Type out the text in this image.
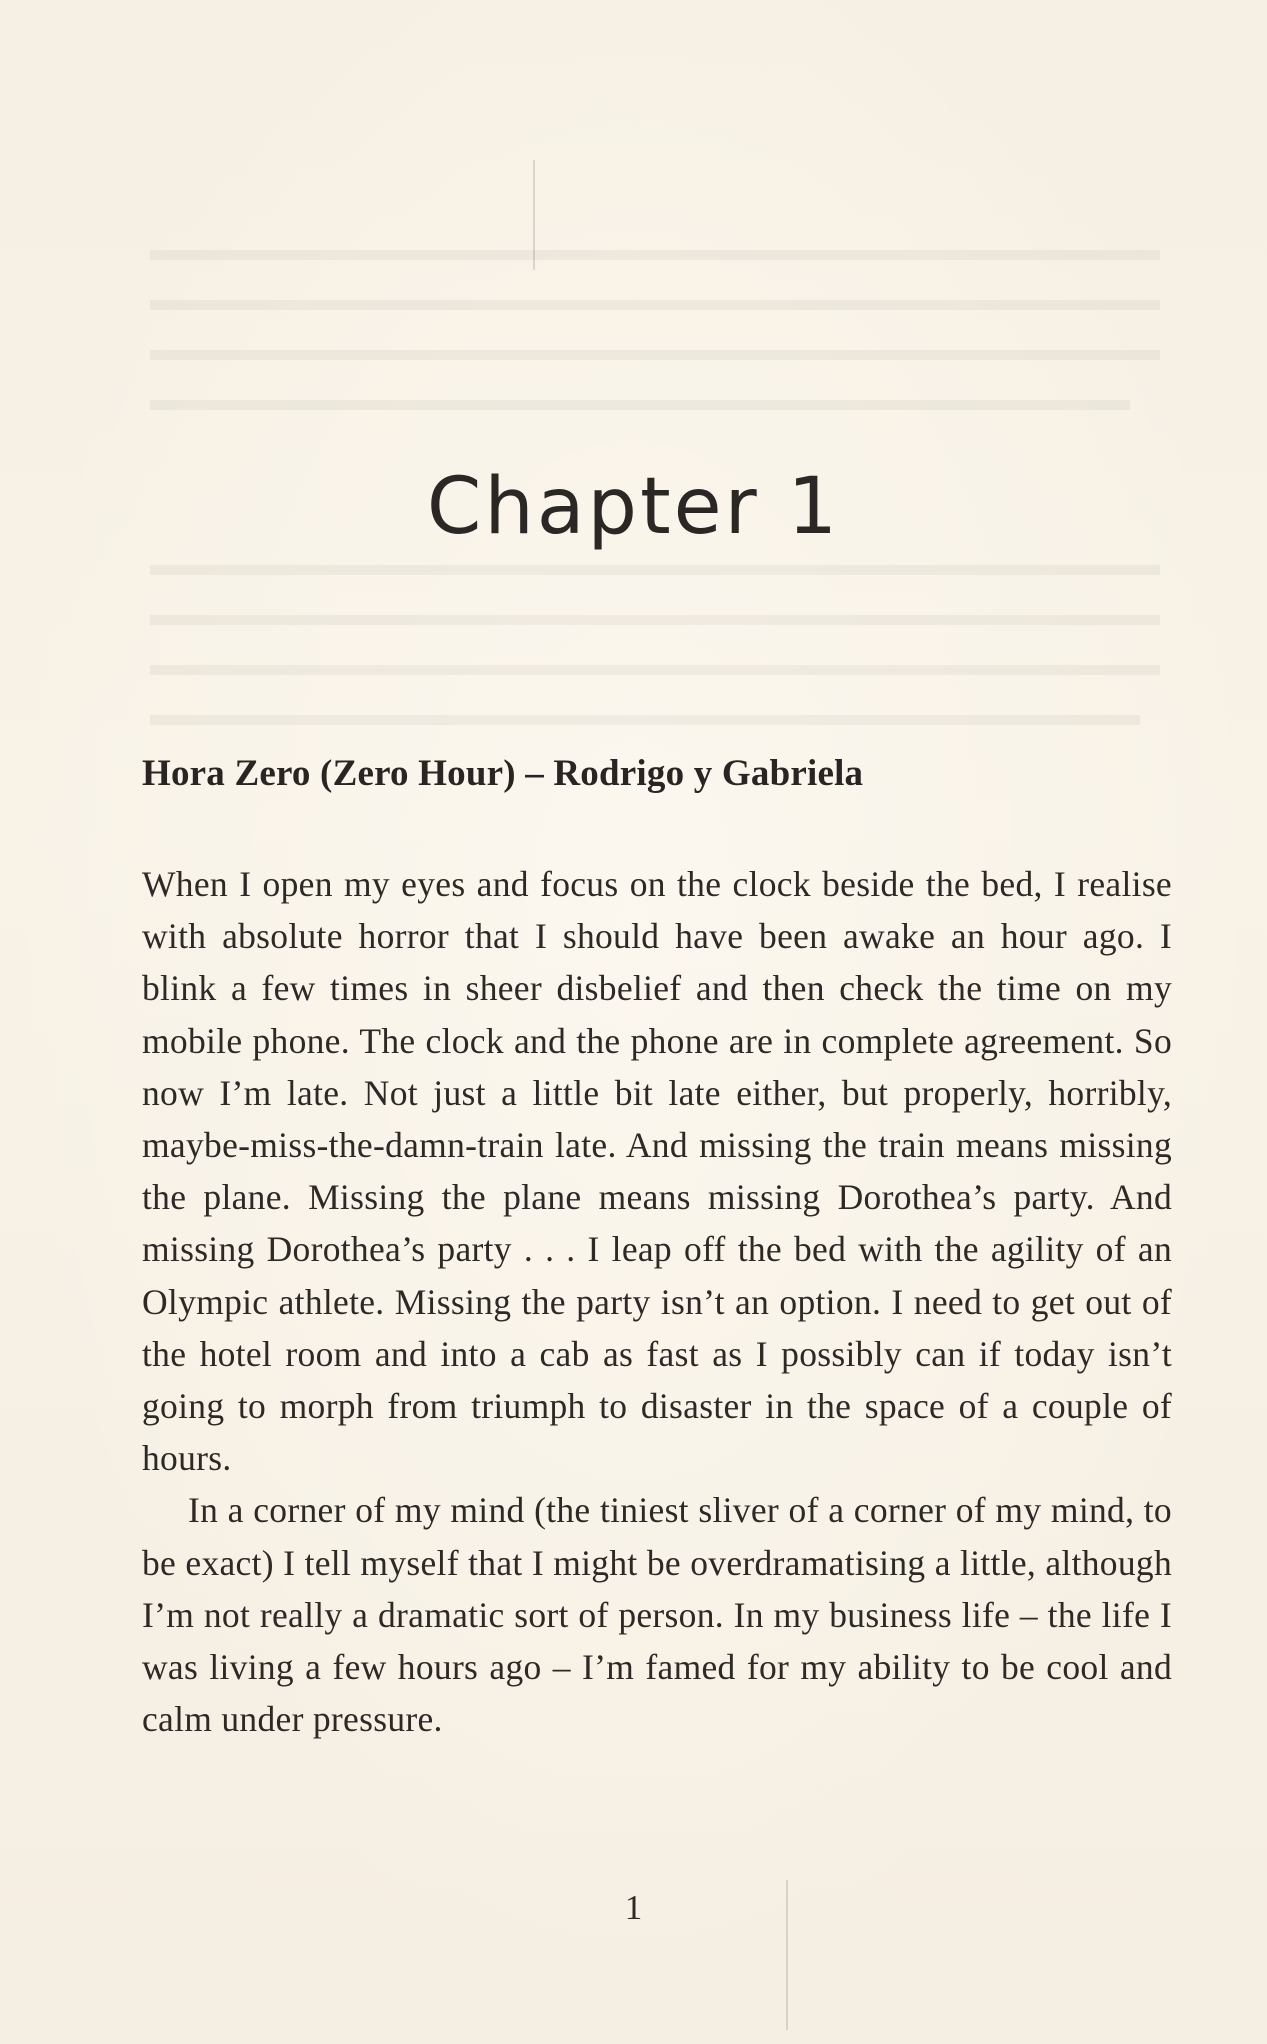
Chapter 1
Hora Zero (Zero Hour) – Rodrigo y Gabriela

When I open my eyes and focus on the clock beside the bed, I realise with absolute horror that I should have been awake an hour ago. I blink a few times in sheer disbelief and then check the time on my mobile phone. The clock and the phone are in complete agreement. So now I’m late. Not just a little bit late either, but properly, horribly, maybe-miss-the-damn-train late. And missing the train means missing the plane. Missing the plane means missing Dorothea’s party. And missing Dorothea’s party . . . I leap off the bed with the agility of an Olympic athlete. Missing the party isn’t an option. I need to get out of the hotel room and into a cab as fast as I possibly can if today isn’t going to morph from triumph to disaster in the space of a couple of hours.

In a corner of my mind (the tiniest sliver of a corner of my mind, to be exact) I tell myself that I might be overdramatising a little, although I’m not really a dramatic sort of person. In my business life – the life I was living a few hours ago – I’m famed for my ability to be cool and calm under pressure.

1
